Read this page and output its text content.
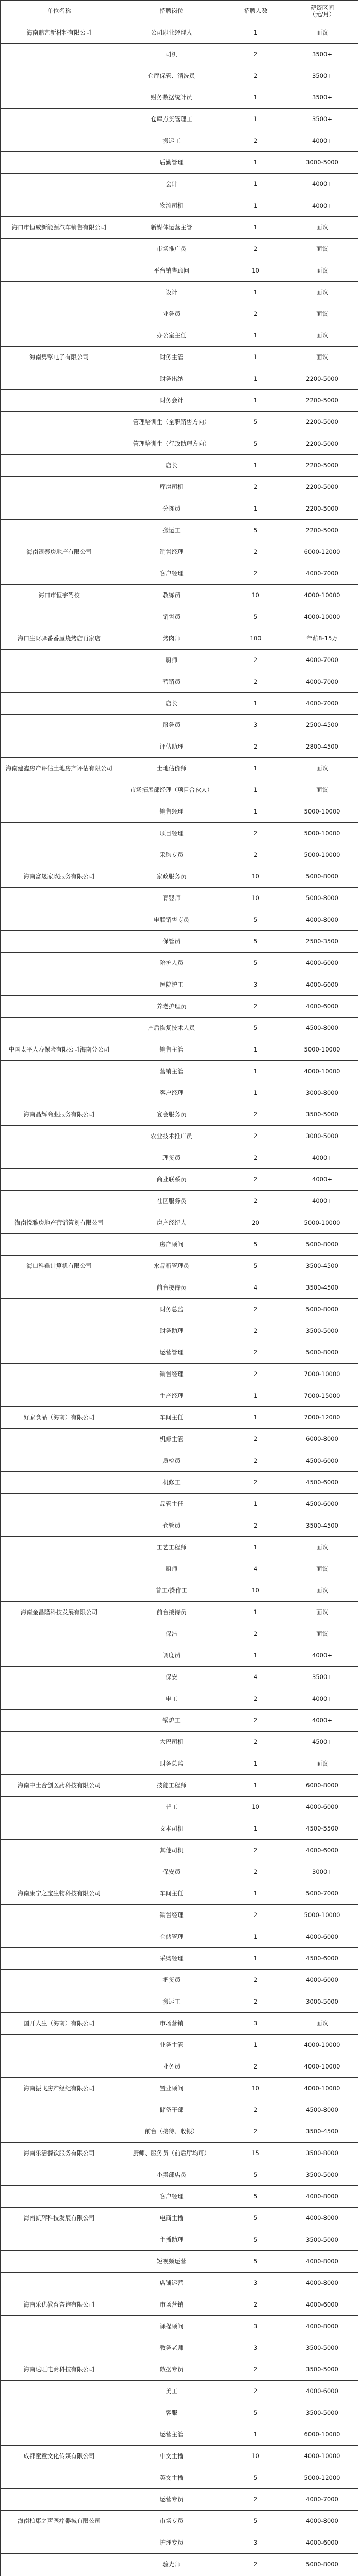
单位名称	招聘岗位	招聘人数	薪资区间
（元/月）
海南鼎艺新材料有限公司	公司职业经理人	1	面议
	司机	2	3500+
	仓库保管、清洗员	2	3500+
	财务数据统计员	1	3500+
	仓库点货管理工	1	3500+
	搬运工	2	4000+
	后勤管理	1	3000-5000
	会计	1	4000+
	物流司机	1	4000+
海口市恒威新能源汽车销售有限公司	新媒体运营主管	1	面议
	市场推广员	2	面议
	平台销售顾问	10	面议
	设计	1	面议
	业务员	2	面议
	办公室主任	1	面议
海南隽擎电子有限公司	财务主管	1	面议
	财务出纳	1	2200-5000
	财务会计	1	2200-5000
	管理培训生（全职销售方向）	5	2200-5000
	管理培训生（行政助理方向）	5	2200-5000
	店长	1	2200-5000
	库房司机	2	2200-5000
	分拣员	1	2200-5000
	搬运工	5	2200-5000
海南银泰房地产有限公司	销售经理	2	6000-12000
	客户经理	2	4000-7000
海口市恒宇驾校	教练员	10	4000-10000
	销售员	5	4000-10000
海口生财驿番番屋烧烤店肖家店	烤肉师	100	年薪8-15万
	厨师	2	4000-7000
	营销员	2	4000-7000
	店长	1	4000-7000
	服务员	3	2500-4500
	评估助理	2	2800-4500
海南建鑫房产评估土地房产评估有限公司	土地估价师	1	面议
	市场拓展部经理（项目合伙人）	1	面议
	销售经理	1	5000-10000
	项目经理	2	5000-10000
	采购专员	2	5000-10000
海南富晟家政服务有限公司	家政服务员	10	5000-8000
	育婴师	10	5000-8000
	电联销售专员	5	4000-8000
	保管员	5	2500-3500
	陪护人员	5	4000-6000
	医院护工	3	4000-6000
	养老护理员	2	4000-6000
	产后恢复技术人员	5	4500-8000
中国太平人寿保险有限公司海南分公司	销售主管	1	5000-10000
	营销主管	1	4000-10000
	客户经理	1	3000-8000
海南晶辉商业服务有限公司	宴会服务员	2	3500-5000
	农业技术推广员	2	3000-5000
	理货员	2	4000+
	商业联系员	2	4000+
	社区服务员	2	4000+
海南悦雅房地产营销策划有限公司	房产经纪人	20	5000-10000
	房产顾问	5	5000-8000
海口科鑫计算机有限公司	水晶箱管理员	5	3500-4500
	前台接待员	4	3500-4500
	财务总监	2	5000-8000
	财务助理	2	3500-5000
	运营管理	2	5000-8000
	销售经理	2	7000-10000
	生产经理	1	7000-15000
好家食品（海南）有限公司	车间主任	1	7000-12000
	机修主管	2	6000-8000
	质检员	2	4500-6000
	机修工	2	4500-6000
	品管主任	1	4500-6000
	仓管员	2	3500-4500
	工艺工程师	1	面议
	厨师	4	面议
	普工/操作工	10	面议
海南金昌隆科技发展有限公司	前台接待员	1	面议
	保洁	2	面议
	调度员	1	4000+
	保安	4	3500+
	电工	2	4000+
	锅炉工	2	4000+
	大巴司机	2	4500+
	财务总监	1	面议
海南中土合创医药科技有限公司	技能工程师	1	6000-8000
	普工	10	4000-6000
	文本司机	1	4500-5500
	其他司机	2	4000-6000
	保安员	2	3000+
海南康宁之宝生物科技有限公司	车间主任	1	5000-7000
	销售经理	2	5000-10000
	仓储管理	1	4000-6000
	采购经理	1	4500-6000
	把货员	2	4000-6000
	搬运工	2	3000-5000
国开人生（海南）有限公司	市场营销	3	面议
	业务主管	1	4000-10000
	业务员	2	4000-10000
海南振飞房产经纪有限公司	置业顾问	10	4000-10000
	储备干部	2	4500-8000
	前台（接待、收银）	2	3500-4500
海南乐活餐饮服务有限公司	厨师、服务员（前后厅均可）	15	3500-8000
	小卖部店员	5	3500-5000
	客户经理	5	4000-8000
海南凯辉科技发展有限公司	电商主播	5	4000-8000
	主播助理	5	3500-5000
	短视频运营	5	4000-8000
	店铺运营	3	4000-8000
海南乐优教育咨询有限公司	市场营销	2	4000-6000
	课程顾问	3	4000-8000
	教务老师	3	3500-5000
海南达旺电商科技有限公司	数据专员	2	3500-5000
	美工	2	4000-6000
	客服	5	3500-5000
	运营主管	1	6000-10000
成都童童文化传媒有限公司	中文主播	10	4000-10000
	英文主播	5	5000-12000
	运营专员	2	4000-7000
海南柏康之声医疗器械有限公司	市场专员	5	4000-8000
	护理专员	3	4000-6000
	验光师	2	5000-8000
